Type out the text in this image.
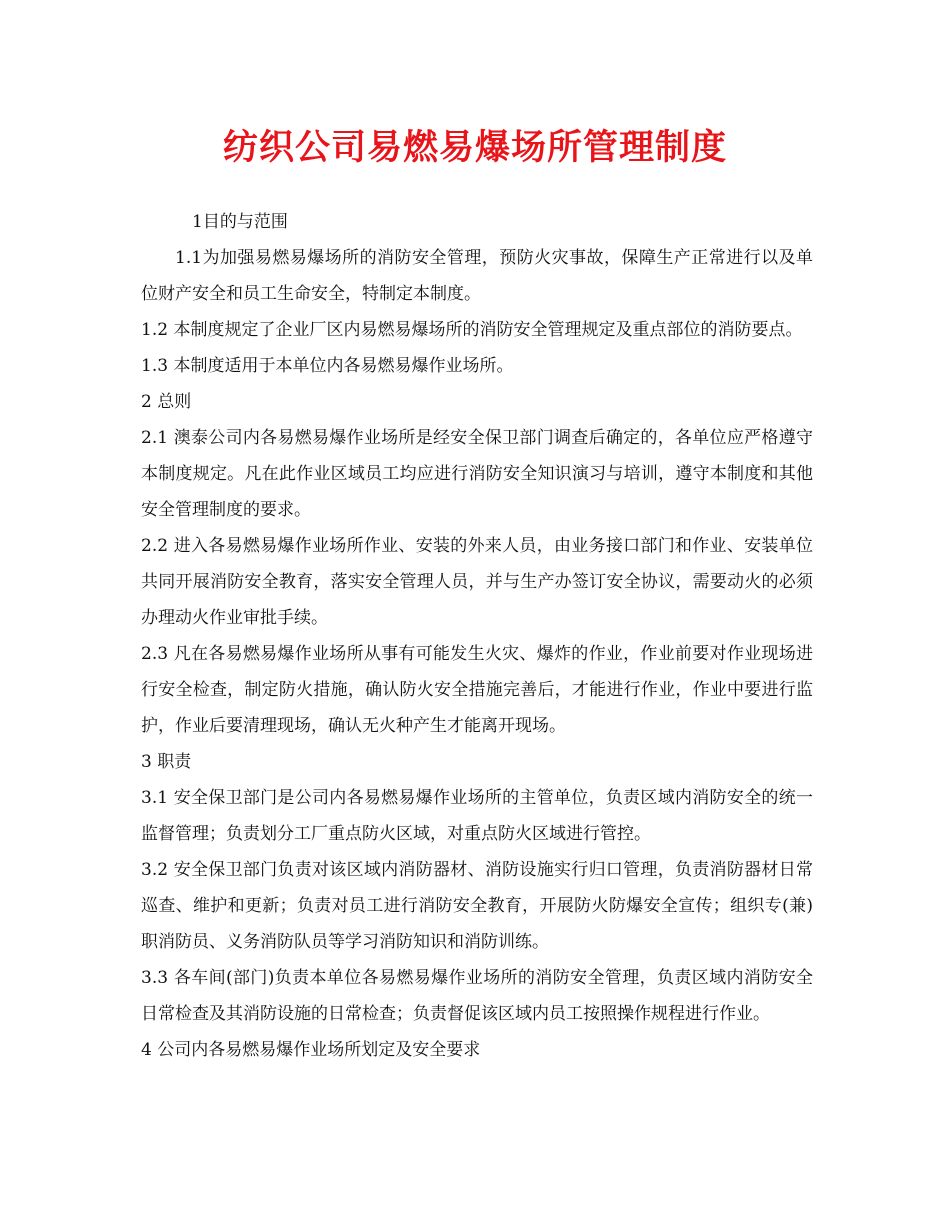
纺织公司易燃易爆场所管理制度

1目的与范围

1.1为加强易燃易爆场所的消防安全管理，预防火灾事故，保障生产正常进行以及单位财产安全和员工生命安全，特制定本制度。

1.2 本制度规定了企业厂区内易燃易爆场所的消防安全管理规定及重点部位的消防要点。

1.3 本制度适用于本单位内各易燃易爆作业场所。

2 总则

2.1 澳泰公司内各易燃易爆作业场所是经安全保卫部门调查后确定的，各单位应严格遵守本制度规定。凡在此作业区域员工均应进行消防安全知识演习与培训，遵守本制度和其他安全管理制度的要求。

2.2 进入各易燃易爆作业场所作业、安装的外来人员，由业务接口部门和作业、安装单位共同开展消防安全教育，落实安全管理人员，并与生产办签订安全协议，需要动火的必须办理动火作业审批手续。

2.3 凡在各易燃易爆作业场所从事有可能发生火灾、爆炸的作业，作业前要对作业现场进行安全检查，制定防火措施，确认防火安全措施完善后，才能进行作业，作业中要进行监护，作业后要清理现场，确认无火种产生才能离开现场。

3 职责

3.1 安全保卫部门是公司内各易燃易爆作业场所的主管单位，负责区域内消防安全的统一监督管理；负责划分工厂重点防火区域，对重点防火区域进行管控。

3.2 安全保卫部门负责对该区域内消防器材、消防设施实行归口管理，负责消防器材日常巡查、维护和更新；负责对员工进行消防安全教育，开展防火防爆安全宣传；组织专(兼)职消防员、义务消防队员等学习消防知识和消防训练。

3.3 各车间(部门)负责本单位各易燃易爆作业场所的消防安全管理，负责区域内消防安全日常检查及其消防设施的日常检查；负责督促该区域内员工按照操作规程进行作业。

4 公司内各易燃易爆作业场所划定及安全要求
